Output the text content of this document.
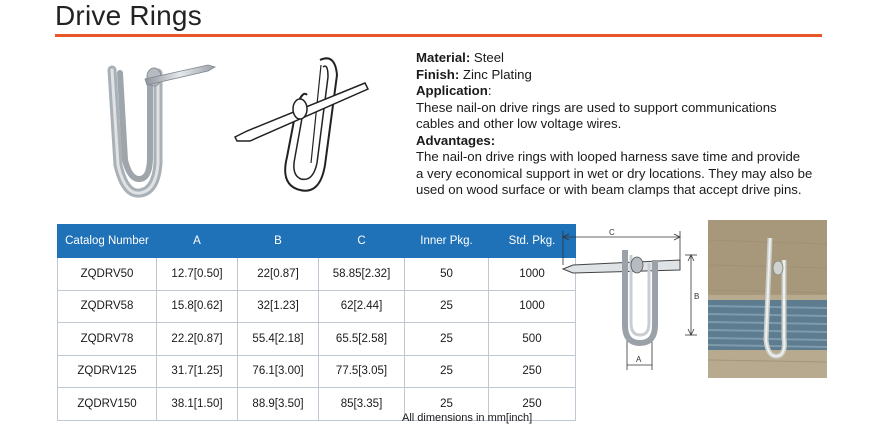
Drive Rings

Material: Steel

Finish: Zinc Plating

Application:

These nail-on drive rings are used to support communications

cables and other low voltage wires.

Advantages:

The nail-on drive rings with looped harness save time and provide

a very economical support in wet or dry locations. They may also be

used on wood surface or with beam clamps that accept drive pins.

Catalog Number	A	B	C	Inner Pkg.	Std. Pkg.
ZQDRV50	12.7[0.50]	22[0.87]	58.85[2.32]	50	1000
ZQDRV58	15.8[0.62]	32[1.23]	62[2.44]	25	1000
ZQDRV78	22.2[0.87]	55.4[2.18]	65.5[2.58]	25	500
ZQDRV125	31.7[1.25]	76.1[3.00]	77.5[3.05]	25	250
ZQDRV150	38.1[1.50]	88.9[3.50]	85[3.35]	25	250
All dimensions in mm[inch]
C
B
A
